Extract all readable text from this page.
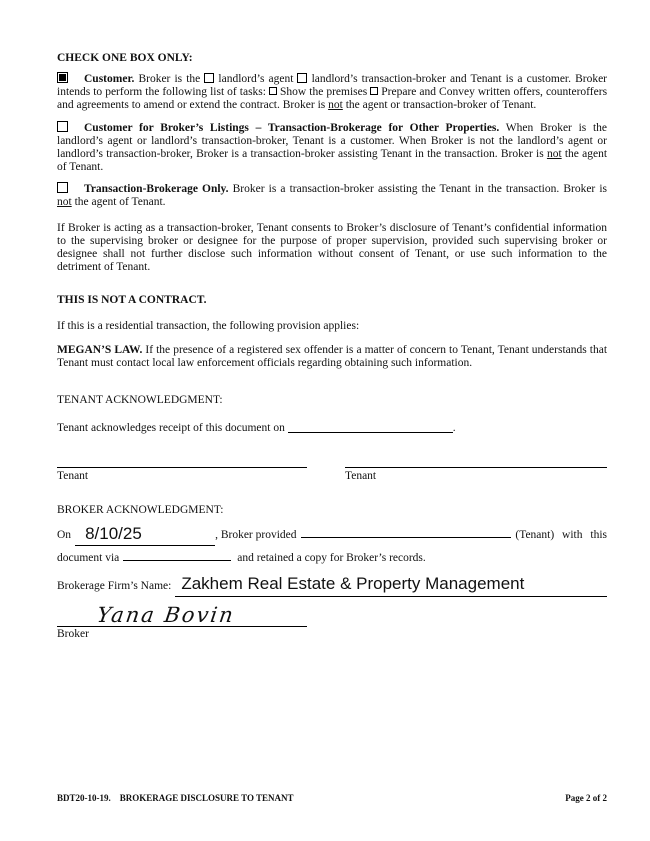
CHECK ONE BOX ONLY:

Customer. Broker is the landlord’s agent landlord’s transaction-broker and Tenant is a customer. Broker intends to perform the following list of tasks: Show the premises Prepare and Convey written offers, counteroffers and agreements to amend or extend the contract. Broker is not the agent or transaction-broker of Tenant.

Customer for Broker’s Listings – Transaction-Brokerage for Other Properties. When Broker is the landlord’s agent or landlord’s transaction-broker, Tenant is a customer. When Broker is not the landlord’s agent or landlord’s transaction-broker, Broker is a transaction-broker assisting Tenant in the transaction. Broker is not the agent of Tenant.

Transaction-Brokerage Only. Broker is a transaction-broker assisting the Tenant in the transaction. Broker is not the agent of Tenant.

If Broker is acting as a transaction-broker, Tenant consents to Broker’s disclosure of Tenant’s confidential information to the supervising broker or designee for the purpose of proper supervision, provided such supervising broker or designee shall not further disclose such information without consent of Tenant, or use such information to the detriment of Tenant.

THIS IS NOT A CONTRACT.

If this is a residential transaction, the following provision applies:

MEGAN’S LAW. If the presence of a registered sex offender is a matter of concern to Tenant, Tenant understands that Tenant must contact local law enforcement officials regarding obtaining such information.

TENANT ACKNOWLEDGMENT:

Tenant acknowledges receipt of this document on	.

Tenant	Tenant

BROKER ACKNOWLEDGMENT:

On 8/10/25	, Broker provided	(Tenant) with this
document via	and retained a copy for Broker’s records.
Brokerage Firm’s Name: Zakhem Real Estate & Property Management
Yana Bovin
Broker
BDT20-10-19. BROKERAGE DISCLOSURE TO TENANT	Page 2 of 2
